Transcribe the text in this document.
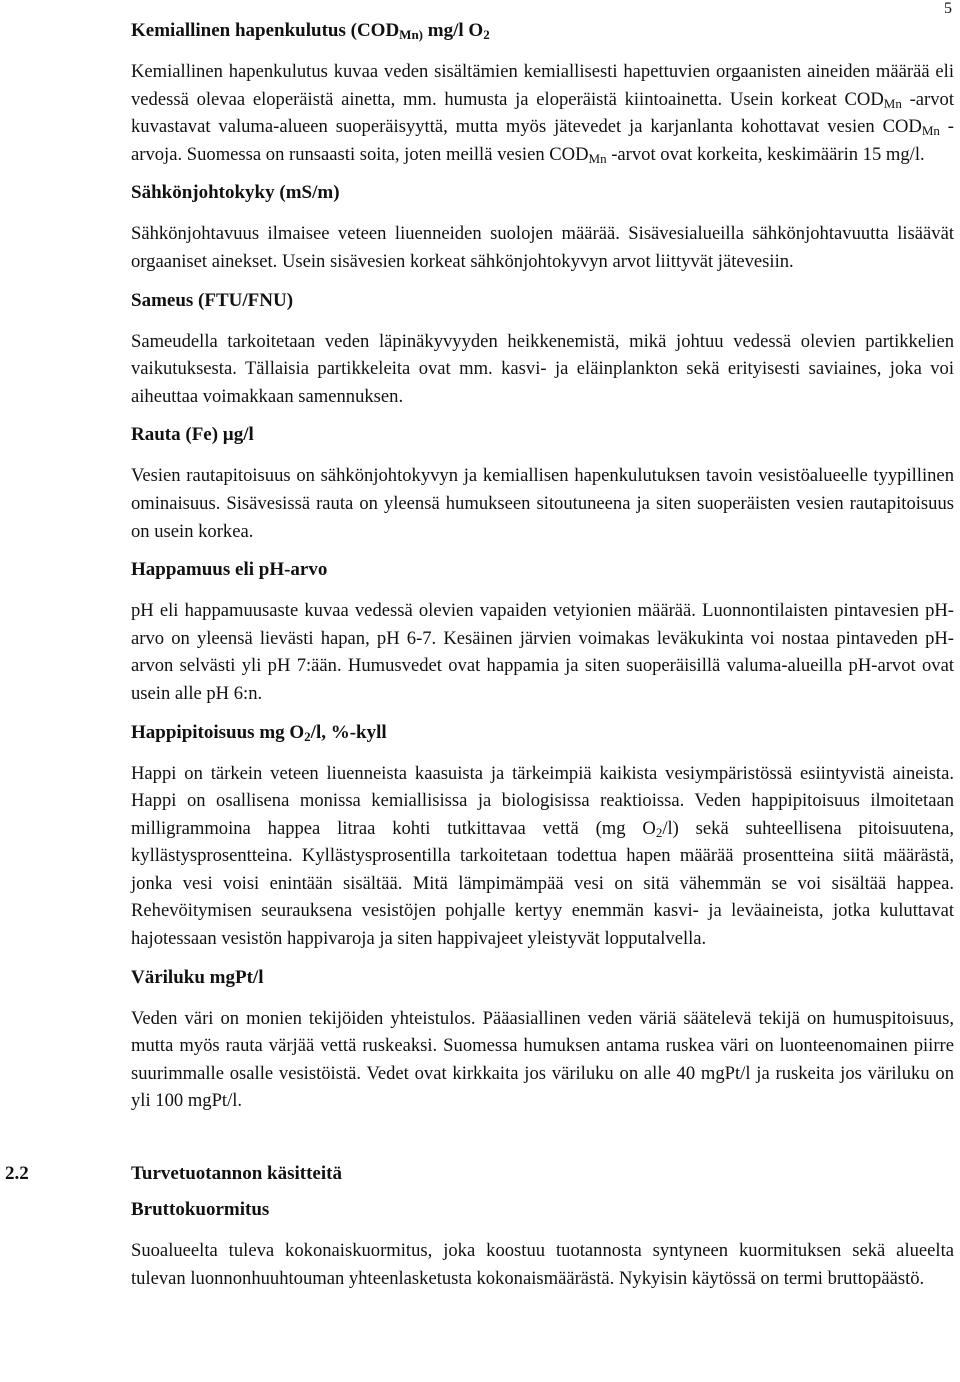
5
Kemiallinen hapenkulutus ($COD_{Mn)}$ mg/l $O_2$

Kemiallinen hapenkulutus kuvaa veden sisältämien kemiallisesti hapettuvien orgaanisten aineiden määrää eli vedessä olevaa eloperäistä ainetta, mm. humusta ja eloperäistä kiintoainetta. Usein korkeat $COD_{Mn}$ -arvot kuvastavat valuma-alueen suoperäisyyttä, mutta myös jätevedet ja karjanlanta kohottavat vesien $COD_{Mn}$ -arvoja. Suomessa on runsaasti soita, joten meillä vesien $COD_{Mn}$ -arvot ovat korkeita, keskimäärin 15 mg/l.

Sähkönjohtokyky (mS/m)

Sähkönjohtavuus ilmaisee veteen liuenneiden suolojen määrää. Sisävesialueilla sähkönjohtavuutta lisäävät orgaaniset ainekset. Usein sisävesien korkeat sähkönjohtokyvyn arvot liittyvät jätevesiin.

Sameus (FTU/FNU)

Sameudella tarkoitetaan veden läpinäkyvyyden heikkenemistä, mikä johtuu vedessä olevien partikkelien vaikutuksesta. Tällaisia partikkeleita ovat mm. kasvi- ja eläinplankton sekä erityisesti saviaines, joka voi aiheuttaa voimakkaan samennuksen.

Rauta (Fe) µg/l

Vesien rautapitoisuus on sähkönjohtokyvyn ja kemiallisen hapenkulutuksen tavoin vesistöalueelle tyypillinen ominaisuus. Sisävesissä rauta on yleensä humukseen sitoutuneena ja siten suoperäisten vesien rautapitoisuus on usein korkea.

Happamuus eli pH-arvo

pH eli happamuusaste kuvaa vedessä olevien vapaiden vetyionien määrää. Luonnontilaisten pintavesien pH-arvo on yleensä lievästi hapan, pH 6-7. Kesäinen järvien voimakas leväkukinta voi nostaa pintaveden pH-arvon selvästi yli pH 7:ään. Humusvedet ovat happamia ja siten suoperäisillä valuma-alueilla pH-arvot ovat usein alle pH 6:n.

Happipitoisuus mg $O_2/l$, %-kyll

Happi on tärkein veteen liuenneista kaasuista ja tärkeimpiä kaikista vesiympäristössä esiintyvistä aineista. Happi on osallisena monissa kemiallisissa ja biologisissa reaktioissa. Veden happipitoisuus ilmoitetaan milligrammoina happea litraa kohti tutkittavaa vettä (mg $O_2/l$) sekä suhteellisena pitoisuutena, kyllästysprosentteina. Kyllästysprosentilla tarkoitetaan todettua hapen määrää prosentteina siitä määrästä, jonka vesi voisi enintään sisältää. Mitä lämpimämpää vesi on sitä vähemmän se voi sisältää happea. Rehevöitymisen seurauksena vesistöjen pohjalle kertyy enemmän kasvi- ja leväaineista, jotka kuluttavat hajotessaan vesistön happivaroja ja siten happivajeet yleistyvät lopputalvella.

Väriluku mgPt/l

Veden väri on monien tekijöiden yhteistulos. Pääasiallinen veden väriä säätelevä tekijä on humuspitoisuus, mutta myös rauta värjää vettä ruskeaksi. Suomessa humuksen antama ruskea väri on luonteenomainen piirre suurimmalle osalle vesistöistä. Vedet ovat kirkkaita jos väriluku on alle 40 mgPt/l ja ruskeita jos väriluku on yli 100 mgPt/l.

2.2	Turvetuotannon käsitteitä
Bruttokuormitus

Suoalueelta tuleva kokonaiskuormitus, joka koostuu tuotannosta syntyneen kuormituksen sekä alueelta tulevan luonnonhuuhtouman yhteenlasketusta kokonaismäärästä. Nykyisin käytössä on termi bruttopäästö.
